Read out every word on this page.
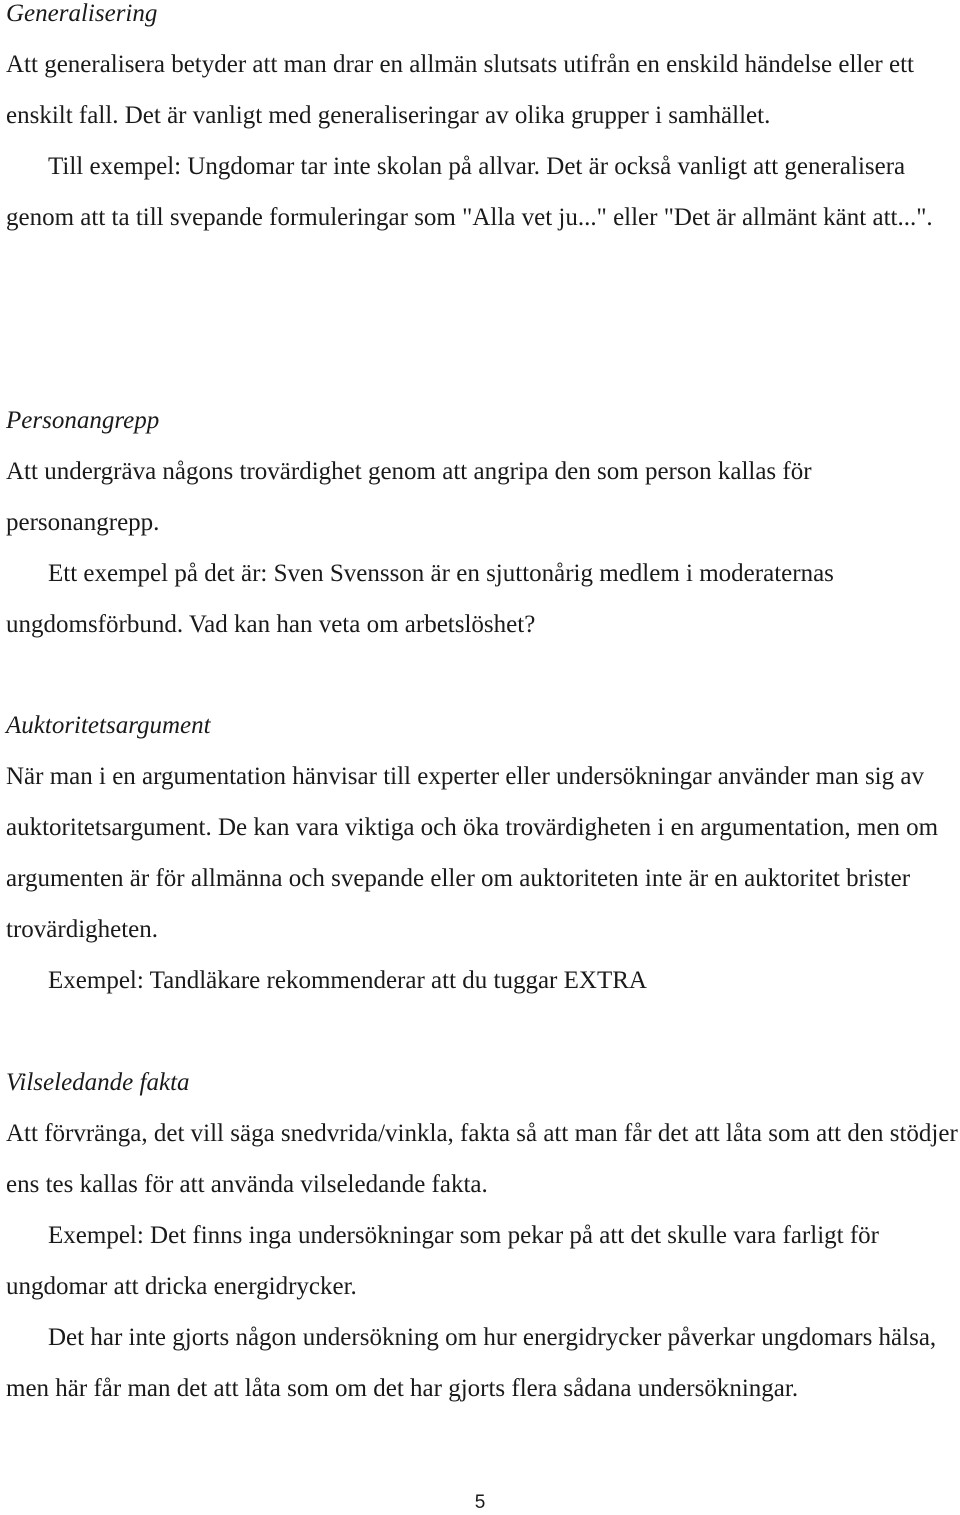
Generalisering

Att generalisera betyder att man drar en allmän slutsats utifrån en enskild händelse eller ett enskilt fall. Det är vanligt med generaliseringar av olika grupper i samhället.

Till exempel: Ungdomar tar inte skolan på allvar. Det är också vanligt att generalisera genom att ta till svepande formuleringar som "Alla vet ju..." eller "Det är allmänt känt att...".

Personangrepp

Att undergräva någons trovärdighet genom att angripa den som person kallas för personangrepp.

Ett exempel på det är: Sven Svensson är en sjuttonårig medlem i moderaternas ungdomsförbund. Vad kan han veta om arbetslöshet?

Auktoritetsargument

När man i en argumentation hänvisar till experter eller undersökningar använder man sig av auktoritetsargument. De kan vara viktiga och öka trovärdigheten i en argumentation, men om argumenten är för allmänna och svepande eller om auktoriteten inte är en auktoritet brister trovärdigheten.

Exempel: Tandläkare rekommenderar att du tuggar EXTRA

Vilseledande fakta

Att förvränga, det vill säga snedvrida/vinkla, fakta så att man får det att låta som att den stödjer ens tes kallas för att använda vilseledande fakta.

Exempel: Det finns inga undersökningar som pekar på att det skulle vara farligt för ungdomar att dricka energidrycker.

Det har inte gjorts någon undersökning om hur energidrycker påverkar ungdomars hälsa, men här får man det att låta som om det har gjorts flera sådana undersökningar.

5
